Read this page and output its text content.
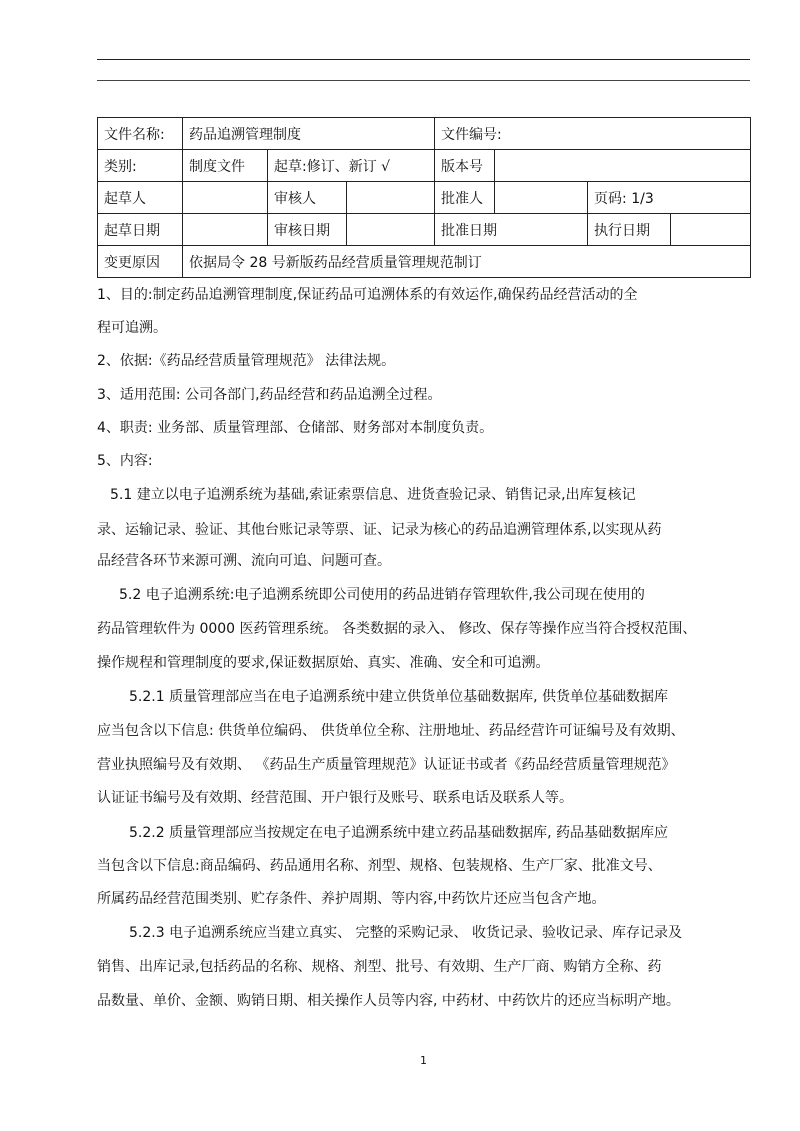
文件名称:	药品追溯管理制度			文件编号:			
类别:	制度文件	起草:修订、新订 √		版本号			
起草人		审核人		批准人		页码: 1/3	
起草日期		审核日期		批准日期		执行日期	
变更原因	依据局令 28 号新版药品经营质量管理规范制订						

1、目的:制定药品追溯管理制度,保证药品可追溯体系的有效运作,确保药品经营活动的全

程可追溯。

2、依据:《药品经营质量管理规范》 法律法规。

3、适用范围: 公司各部门,药品经营和药品追溯全过程。

4、职责: 业务部、质量管理部、仓储部、财务部对本制度负责。

5、内容:

5.1 建立以电子追溯系统为基础,索证索票信息、进货查验记录、销售记录,出库复核记

录、运输记录、验证、其他台账记录等票、证、记录为核心的药品追溯管理体系,以实现从药

品经营各环节来源可溯、流向可追、问题可查。

5.2 电子追溯系统:电子追溯系统即公司使用的药品进销存管理软件,我公司现在使用的

药品管理软件为 0000 医药管理系统。 各类数据的录入、 修改、保存等操作应当符合授权范围、

操作规程和管理制度的要求,保证数据原始、真实、准确、安全和可追溯。

5.2.1 质量管理部应当在电子追溯系统中建立供货单位基础数据库, 供货单位基础数据库

应当包含以下信息: 供货单位编码、 供货单位全称、注册地址、药品经营许可证编号及有效期、

营业执照编号及有效期、 《药品生产质量管理规范》认证证书或者《药品经营质量管理规范》

认证证书编号及有效期、经营范围、开户银行及账号、联系电话及联系人等。

5.2.2 质量管理部应当按规定在电子追溯系统中建立药品基础数据库, 药品基础数据库应

当包含以下信息:商品编码、药品通用名称、剂型、规格、包装规格、生产厂家、批准文号、

所属药品经营范围类别、贮存条件、养护周期、等内容,中药饮片还应当包含产地。

5.2.3 电子追溯系统应当建立真实、 完整的采购记录、 收货记录、验收记录、库存记录及

销售、出库记录,包括药品的名称、规格、剂型、批号、有效期、生产厂商、购销方全称、药

品数量、单价、金额、购销日期、相关操作人员等内容, 中药材、中药饮片的还应当标明产地。

1
